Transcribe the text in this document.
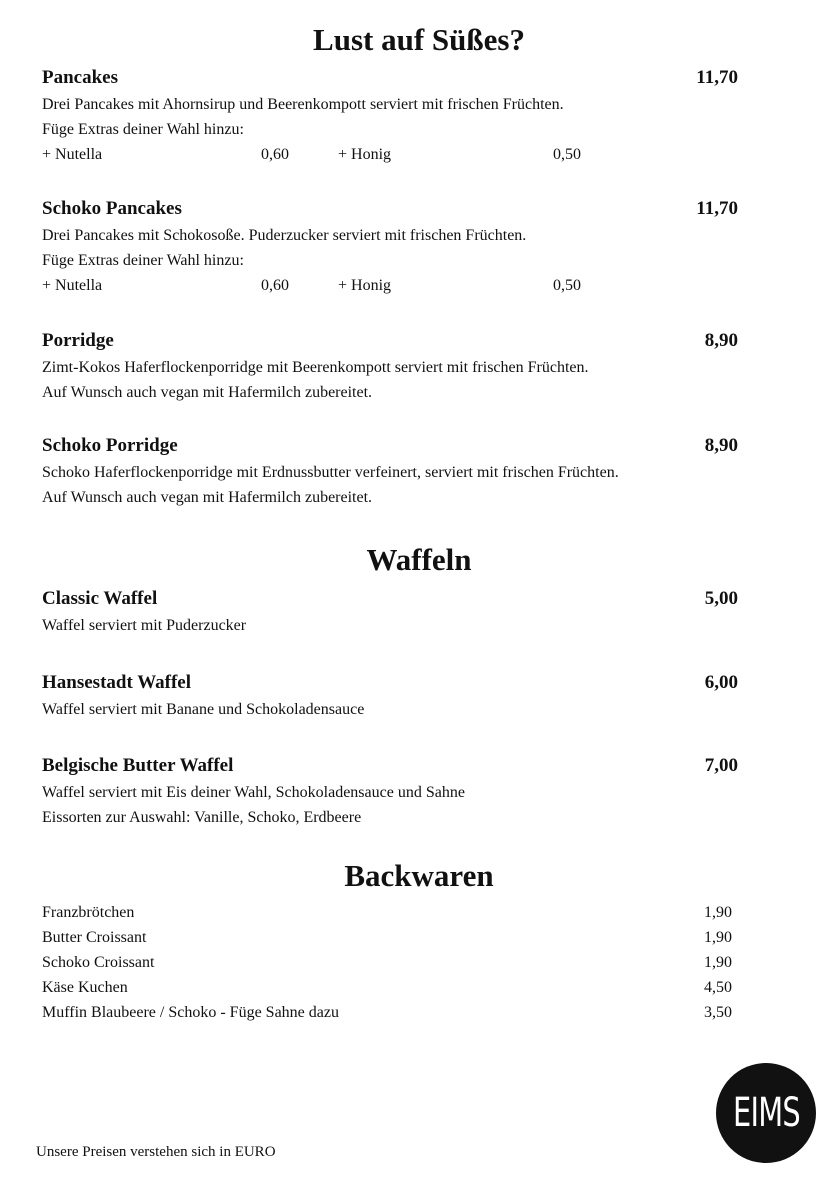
Lust auf Süßes?
Pancakes	11,70
Drei Pancakes mit Ahornsirup und Beerenkompott serviert mit frischen Früchten.
Füge Extras deiner Wahl hinzu:
+ Nutella	0,60	+ Honig	0,50
Schoko Pancakes	11,70
Drei Pancakes mit Schokosoße. Puderzucker serviert mit frischen Früchten.
Füge Extras deiner Wahl hinzu:
+ Nutella	0,60	+ Honig	0,50
Porridge	8,90
Zimt-Kokos Haferflockenporridge mit Beerenkompott serviert mit frischen Früchten.
Auf Wunsch auch vegan mit Hafermilch zubereitet.
Schoko Porridge	8,90
Schoko Haferflockenporridge mit Erdnussbutter verfeinert, serviert mit frischen Früchten.
Auf Wunsch auch vegan mit Hafermilch zubereitet.
Waffeln
Classic Waffel	5,00
Waffel serviert mit Puderzucker
Hansestadt Waffel	6,00
Waffel serviert mit Banane und Schokoladensauce
Belgische Butter Waffel	7,00
Waffel serviert mit Eis deiner Wahl, Schokoladensauce und Sahne
Eissorten zur Auswahl: Vanille, Schoko, Erdbeere
Backwaren
Franzbrötchen	1,90
Butter Croissant	1,90
Schoko Croissant	1,90
Käse Kuchen	4,50
Muffin Blaubeere / Schoko - Füge Sahne dazu	3,50
Unsere Preisen verstehen sich in EURO
EIMS
